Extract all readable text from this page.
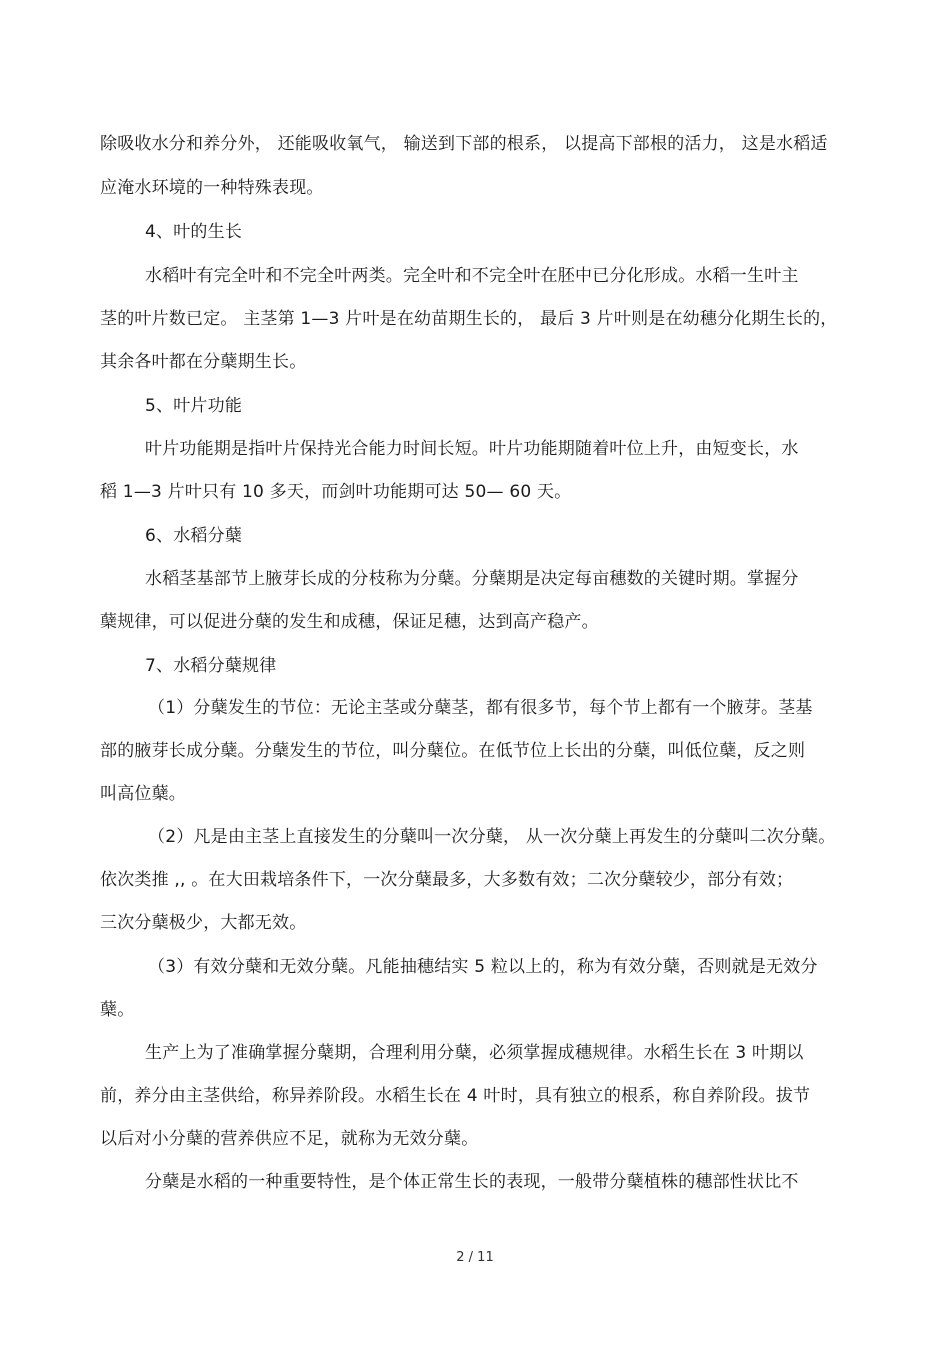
除吸收水分和养分外， 还能吸收氧气， 输送到下部的根系， 以提高下部根的活力， 这是水稻适
应淹水环境的一种特殊表现。
4、叶的生长
水稻叶有完全叶和不完全叶两类。完全叶和不完全叶在胚中已分化形成。水稻一生叶主
茎的叶片数已定。 主茎第 1—3 片叶是在幼苗期生长的， 最后 3 片叶则是在幼穗分化期生长的，
其余各叶都在分蘖期生长。
5、叶片功能
叶片功能期是指叶片保持光合能力时间长短。叶片功能期随着叶位上升，由短变长，水
稻 1—3 片叶只有 10 多天，而剑叶功能期可达 50— 60 天。
6、水稻分蘖
水稻茎基部节上腋芽长成的分枝称为分蘖。分蘖期是决定每亩穗数的关键时期。掌握分
蘖规律，可以促进分蘖的发生和成穗，保证足穗，达到高产稳产。
7、水稻分蘖规律
（1）分蘖发生的节位：无论主茎或分蘖茎，都有很多节，每个节上都有一个腋芽。茎基
部的腋芽长成分蘖。分蘖发生的节位，叫分蘖位。在低节位上长出的分蘖，叫低位蘖，反之则
叫高位蘖。
（2）凡是由主茎上直接发生的分蘖叫一次分蘖， 从一次分蘖上再发生的分蘖叫二次分蘖。
依次类推 ,, 。在大田栽培条件下，一次分蘖最多，大多数有效；二次分蘖较少，部分有效；
三次分蘖极少，大都无效。
（3）有效分蘖和无效分蘖。凡能抽穗结实 5 粒以上的，称为有效分蘖，否则就是无效分
蘖。
生产上为了准确掌握分蘖期，合理利用分蘖，必须掌握成穗规律。水稻生长在 3 叶期以
前，养分由主茎供给，称异养阶段。水稻生长在 4 叶时，具有独立的根系，称自养阶段。拔节
以后对小分蘖的营养供应不足，就称为无效分蘖。
分蘖是水稻的一种重要特性，是个体正常生长的表现，一般带分蘖植株的穗部性状比不
2 / 11
